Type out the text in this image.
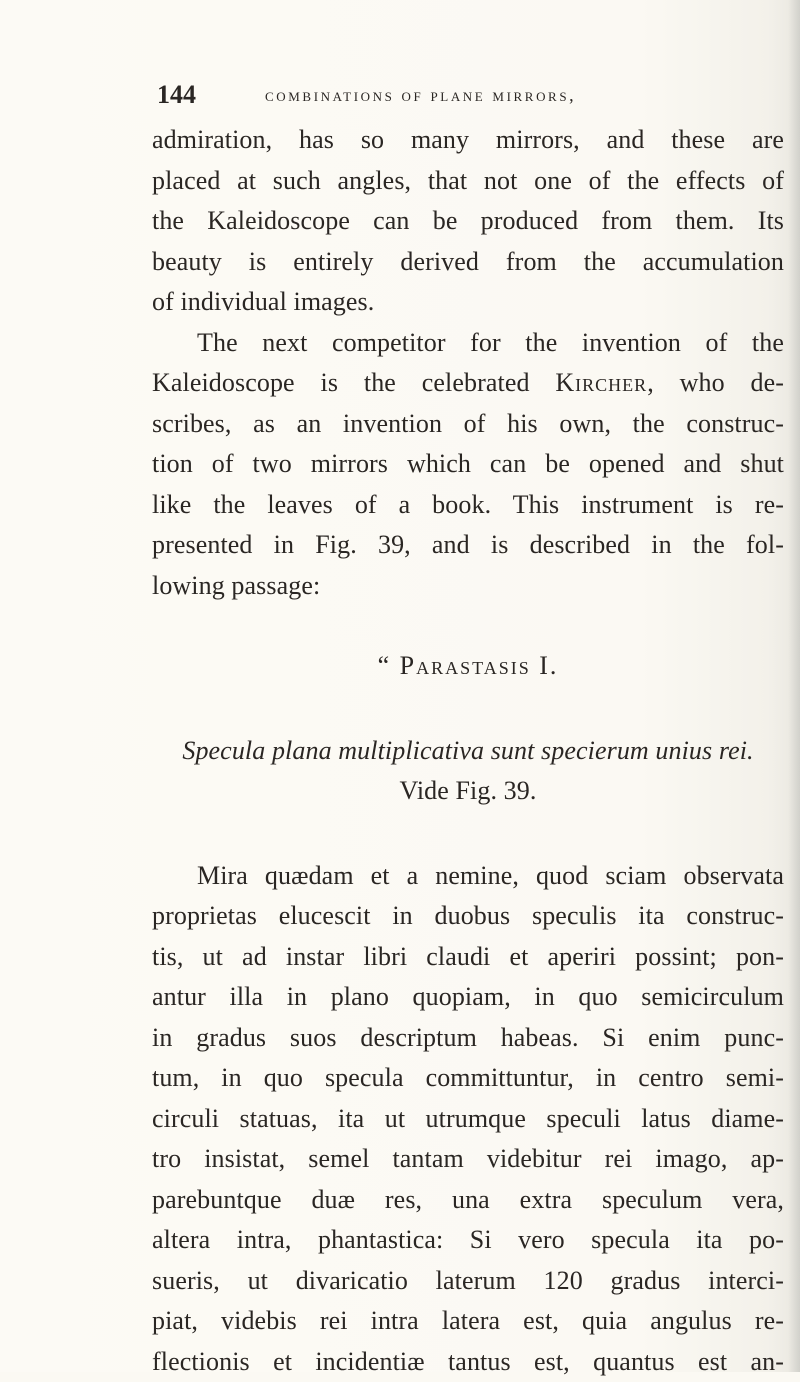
144	combinations of plane mirrors,
admiration, has so many mirrors, and these are
placed at such angles, that not one of the effects of
the Kaleidoscope can be produced from them. Its
beauty is entirely derived from the accumulation
of individual images.
The next competitor for the invention of the
Kaleidoscope is the celebrated Kircher, who de-
scribes, as an invention of his own, the construc-
tion of two mirrors which can be opened and shut
like the leaves of a book. This instrument is re-
presented in Fig. 39, and is described in the fol-
lowing passage:
“ Parastasis I.
Specula plana multiplicativa sunt specierum unius rei.
Vide Fig. 39.
Mira quædam et a nemine, quod sciam observata
proprietas elucescit in duobus speculis ita construc-
tis, ut ad instar libri claudi et aperiri possint; pon-
antur illa in plano quopiam, in quo semicirculum
in gradus suos descriptum habeas. Si enim punc-
tum, in quo specula committuntur, in centro semi-
circuli statuas, ita ut utrumque speculi latus diame-
tro insistat, semel tantam videbitur rei imago, ap-
parebuntque duæ res, una extra speculum vera,
altera intra, phantastica: Si vero specula ita po-
sueris, ut divaricatio laterum 120 gradus interci-
piat, videbis rei intra latera est, quia angulus re-
flectionis et incidentiæ tantus est, quantus est an-
